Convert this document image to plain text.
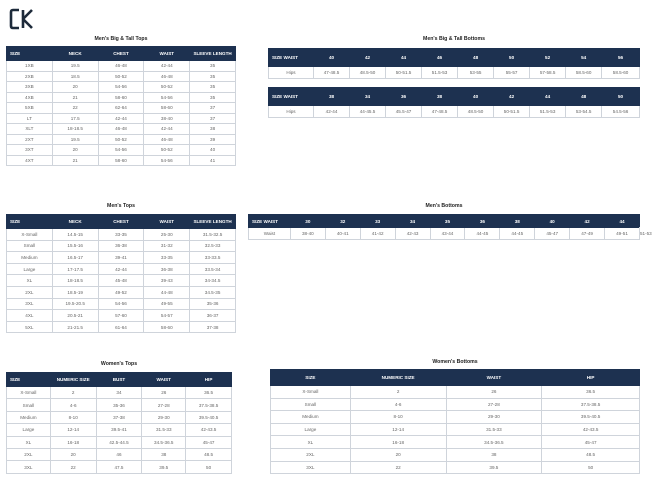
Men's Big & Tall Tops
SIZE	NECK	CHEST	WAIST	SLEEVE LENGTH
1XB	19.5	46-48	42-44	35
2XB	18.5	50-52	46-48	35
3XB	20	54-56	50-52	35
4XB	21	58-60	54-56	35
5XB	22	62-64	58-60	37
LT	17.5	42-44	38-40	37
XLT	18-18.5	46-48	42-44	38
2XT	19.5	50-52	46-48	39
3XT	20	54-56	50-52	40
4XT	21	58-60	54-56	41
Men's Big & Tall Bottoms
SIZE WAIST	40	42	44	46	48	50	52	54	56
Hips	47-48.5	48.5-50	50-51.5	51.5-53	53-55	55-57	57-58.5	58.5-60	58.5-60
SIZE WAIST	38	34	36	38	40	42	44	48	50
Hips	42-44	44-45.5	45.5-47	47-48.5	48.5-50	50-51.5	51.5-53	53-54.5	54.5-56
Men's Tops
SIZE	NECK	CHEST	WAIST	SLEEVE LENGTH
X-Small	14.5-15	33-35	25-30	31.5-32.5
Small	15.5-16	36-38	31-32	32.5-33
Medium	16.5-17	39-41	33-35	33-33.5
Large	17-17.5	42-44	36-38	33.5-34
XL	18-18.5	45-48	39-43	34-34.5
2XL	18.5-19	49-52	44-48	34.5-35
3XL	19.5-20.5	54-56	49-55	35-36
4XL	20.5-21	57-60	54-57	36-37
5XL	21-21.5	61-64	58-60	37-38
Men's Bottoms
SIZE WAIST	30	32	33	34	35	36	38	40	42	44	
Waist	38-40	40-41	41-42	42-43	43-44	44-45	44-45	45-47	47-49	49-51	51-53
Women's Tops
SIZE	NUMERIC SIZE	BUST	WAIST	HIP
X-Small	2	34	26	36.5
Small	4-6	35-36	27-28	37.5-38.5
Medium	8-10	37-38	29-30	39.5-40.5
Large	12-14	39.5-41	31.5-33	42-43.5
XL	16-18	42.5-44.5	34.5-36.5	45-47
2XL	20	46	38	48.5
3XL	22	47.5	39.5	50
Women's Bottoms
SIZE	NUMERIC SIZE	WAIST	HIP
X-Small	2	26	36.5
Small	4-6	27-28	37.5-38.5
Medium	8-10	29-30	39.5-40.5
Large	12-14	31.5-33	42-43.5
XL	16-18	34.5-36.5	45-47
2XL	20	38	48.5
3XL	22	39.5	50
